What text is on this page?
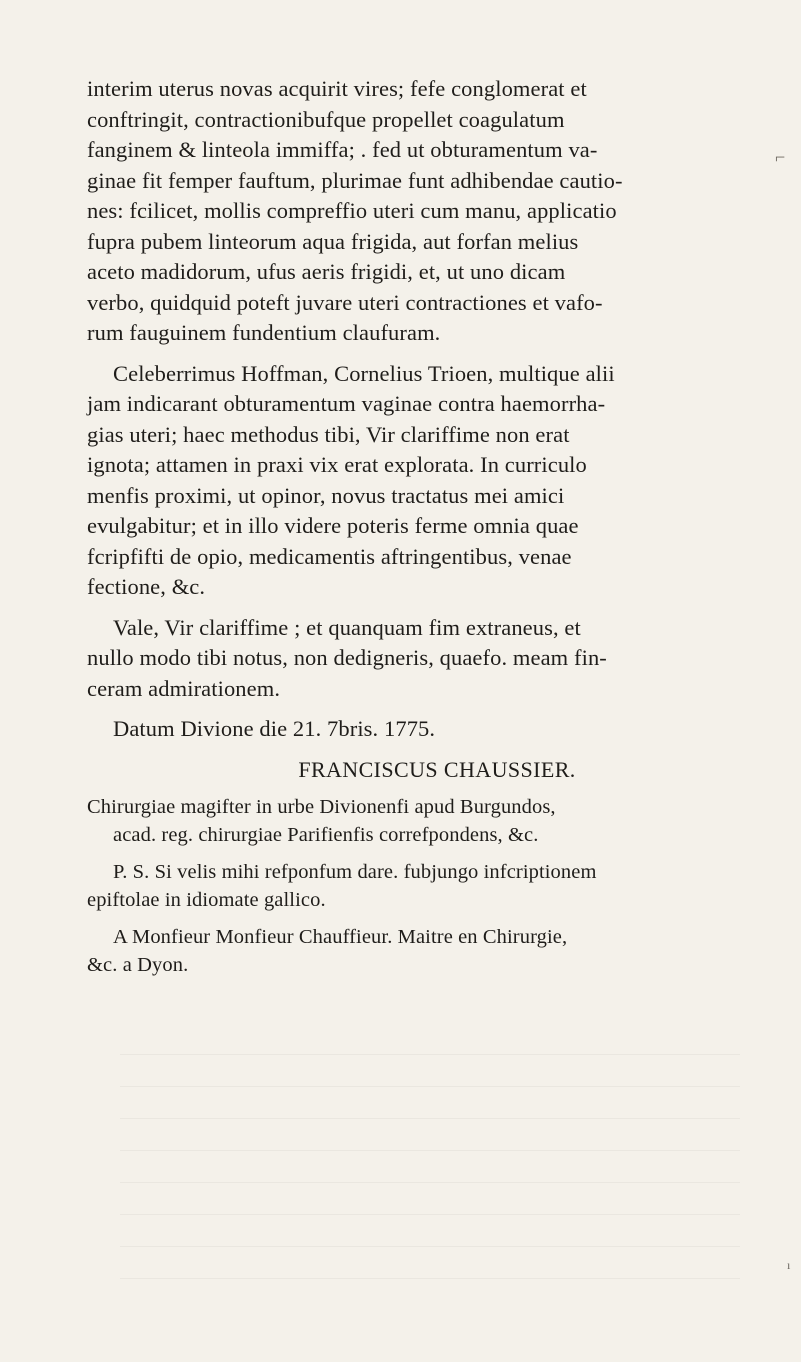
interim uterus novas acquirit vires; fefe conglomerat et
conftringit, contractionibufque propellet coagulatum
fanginem & linteola immiffa; . fed ut obturamentum va-
ginae fit femper fauftum, plurimae funt adhibendae cautio-
nes: fcilicet, mollis compreffio uteri cum manu, applicatio
fupra pubem linteorum aqua frigida, aut forfan melius
aceto madidorum, ufus aeris frigidi, et, ut uno dicam
verbo, quidquid poteft juvare uteri contractiones et vafo-
rum fauguinem fundentium claufuram.
Celeberrimus Hoffman, Cornelius Trioen, multique alii
jam indicarant obturamentum vaginae contra haemorrha-
gias uteri; haec methodus tibi, Vir clariffime non erat
ignota; attamen in praxi vix erat explorata. In curriculo
menfis proximi, ut opinor, novus tractatus mei amici
evulgabitur; et in illo videre poteris ferme omnia quae
fcripfifti de opio, medicamentis aftringentibus, venae
fectione, &c.
Vale, Vir clariffime ; et quanquam fim extraneus, et
nullo modo tibi notus, non dedigneris, quaefo. meam fin-
ceram admirationem.
Datum Divione die 21. 7bris. 1775.
FRANCISCUS CHAUSSIER.
Chirurgiae magifter in urbe Divionenfi apud Burgundos,
acad. reg. chirurgiae Parifienfis correfpondens, &c.
P. S. Si velis mihi refponfum dare. fubjungo infcriptionem
epiftolae in idiomate gallico.
A Monfieur Monfieur Chauffieur. Maitre en Chirurgie,
&c. a Dyon.
⌐
ı
